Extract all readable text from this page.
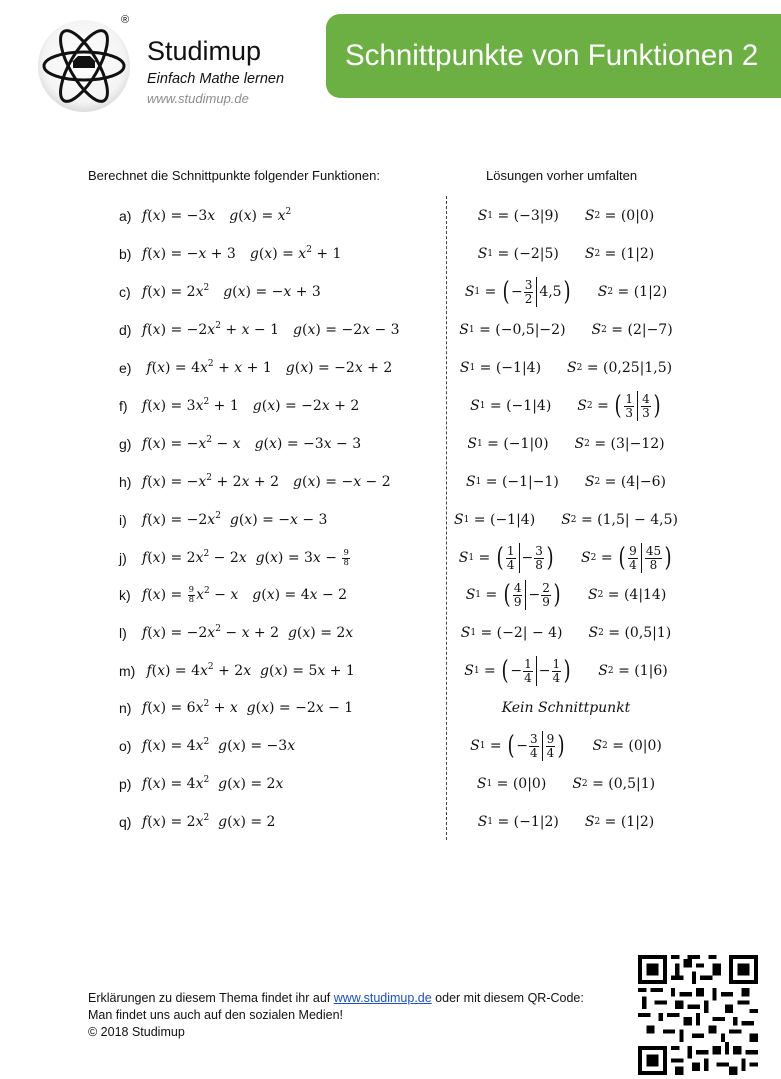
®
Studimup
Einfach Mathe lernen
www.studimup.de
Schnittpunkte von Funktionen 2
Berechnet die Schnittpunkte folgender Funktionen:	Lösungen vorher umfalten
a) f(x) = −3x $g(x) = x^2$	S 1 = (−3|9) S 2 = (0|0)
b) f(x) = −x + 3 $g(x) = x^2 + 1$	S 1 = (−2|5) S 2 = (1|2)
c) $f(x) = 2x^2$ g(x) = −x + 3	S 1 = ( − $\frac{3}{2} 4,5$ ) S 2 = (1|2)
d) $f(x) = -2x^2 + x - 1$ g(x) = −2x − 3	S 1 = (−0,5|−2) S 2 = (2|−7)
e)	$f(x) = 4x^2 + x + 1$ g(x) = −2x + 2	S 1 = (−1|4) S 2 = (0,25|1,5)
f)	$f(x) = 3x^2 + 1$ g(x) = −2x + 2	S 1 = (−1|4) S 2 = ( $\frac{1}{3} \frac{4}{3}$ )
g) $f(x) = -x^2 - x$ g(x) = −3x − 3	S 1 = (−1|0) S 2 = (3|−12)
h) $f(x) = -x^2 + 2x + 2$ g(x) = −x − 2	S 1 = (−1|−1) S 2 = (4|−6)
i)	$f(x) = -2x^2$ g(x) = −x − 3	S 1 = (−1|4) S 2 = (1,5| − 4,5)
j)	$f(x) = 2x^2 - 2x$ $g(x) = 3x - \frac{9}{8}$	S 1 = ( $\frac{1}{4} - \frac{3}{8}$ ) S 2 = ( $\frac{9}{4} \frac{45}{8}$ )
k) $f(x) = \frac{9}{8} x^2 - x$ g(x) = 4x − 2	S 1 = ( $\frac{4}{9} - \frac{2}{9}$ ) S 2 = (4|14)
l)	$f(x) = -2x^2 - x + 2$  g(x) = 2x	S 1 = (−2| − 4) S 2 = (0,5|1)
m) $f(x) = 4x^2 + 2x$ g(x) = 5x + 1	S 1 = ( − $\frac{1}{4} - \frac{1}{4}$ ) S 2 = (1|6)
n) $f(x) = 6x^2 + x$ g(x) = −2x − 1	Kein Schnittpunkt
o) $f(x) = 4x^2$ g(x) = −3x	S 1 = ( − $\frac{3}{4} \frac{9}{4}$ ) S 2 = (0|0)
p) $f(x) = 4x^2$ g(x) = 2x	S 1 = (0|0) S 2 = (0,5|1)
q) $f(x) = 2x^2$ g(x) = 2	S 1 = (−1|2) S 2 = (1|2)
Erklärungen zu diesem Thema findet ihr auf www.studimup.de oder mit diesem QR-Code:
Man findet uns auch auf den sozialen Medien!
© 2018 Studimup
